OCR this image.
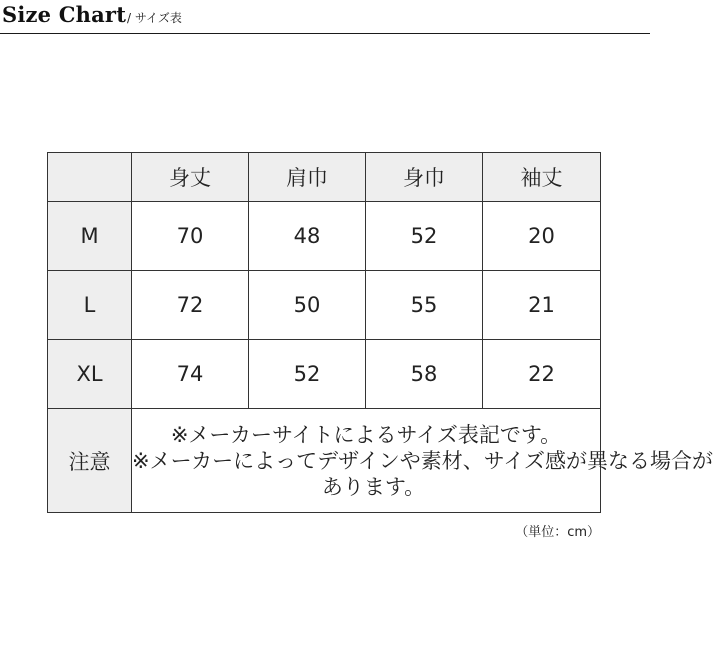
Size Chart / サイズ表
	身丈	肩巾	身巾	袖丈
M	70	48	52	20
L	72	50	55	21
XL	74	52	58	22
注意	※メーカーサイトによるサイズ表記です。
※メーカーによってデザインや素材、サイズ感が異なる場合が
あります。			
（単位：cm）
